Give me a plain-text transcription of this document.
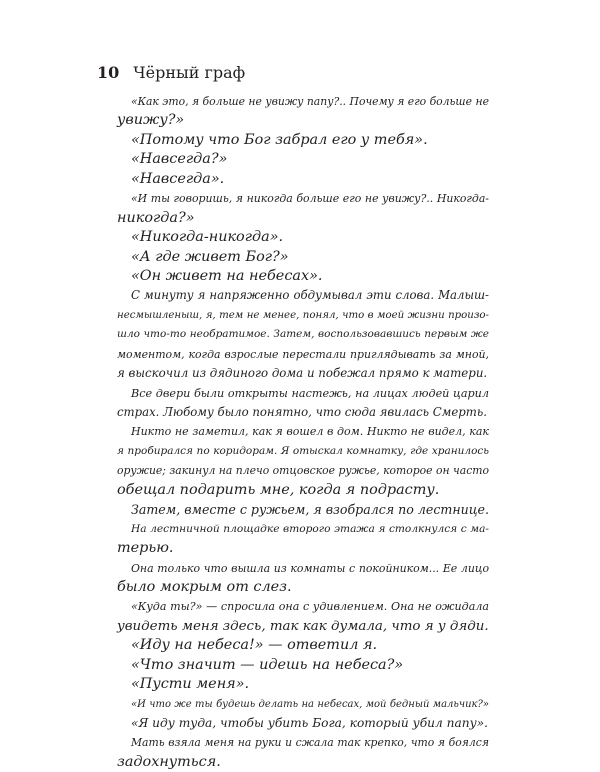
10 Чёрный граф
«Как это, я больше не увижу папу?.. Почему я его больше не
увижу?»
«Потому что Бог забрал его у тебя».
«Навсегда?»
«Навсегда».
«И ты говоришь, я никогда больше его не увижу?.. Никогда-
никогда?»
«Никогда-никогда».
«А где живет Бог?»
«Он живет на небесах».
С минуту я напряженно обдумывал эти слова. Малыш-
несмышленыш, я, тем не менее, понял, что в моей жизни произо-
шло что-то необратимое. Затем, воспользовавшись первым же
моментом, когда взрослые перестали приглядывать за мной,
я выскочил из дядиного дома и побежал прямо к матери.
Все двери были открыты настежь, на лицах людей царил
страх. Любому было понятно, что сюда явилась Смерть.
Никто не заметил, как я вошел в дом. Никто не видел, как
я пробирался по коридорам. Я отыскал комнатку, где хранилось
оружие; закинул на плечо отцовское ружье, которое он часто
обещал подарить мне, когда я подрасту.
Затем, вместе с ружьем, я взобрался по лестнице.
На лестничной площадке второго этажа я столкнулся с ма-
терью.
Она только что вышла из комнаты с покойником... Ее лицо
было мокрым от слез.
«Куда ты?» — спросила она с удивлением. Она не ожидала
увидеть меня здесь, так как думала, что я у дяди.
«Иду на небеса!» — ответил я.
«Что значит — идешь на небеса?»
«Пусти меня».
«И что же ты будешь делать на небесах, мой бедный мальчик?»
«Я иду туда, чтобы убить Бога, который убил папу».
Мать взяла меня на руки и сжала так крепко, что я боялся
задохнуться.
